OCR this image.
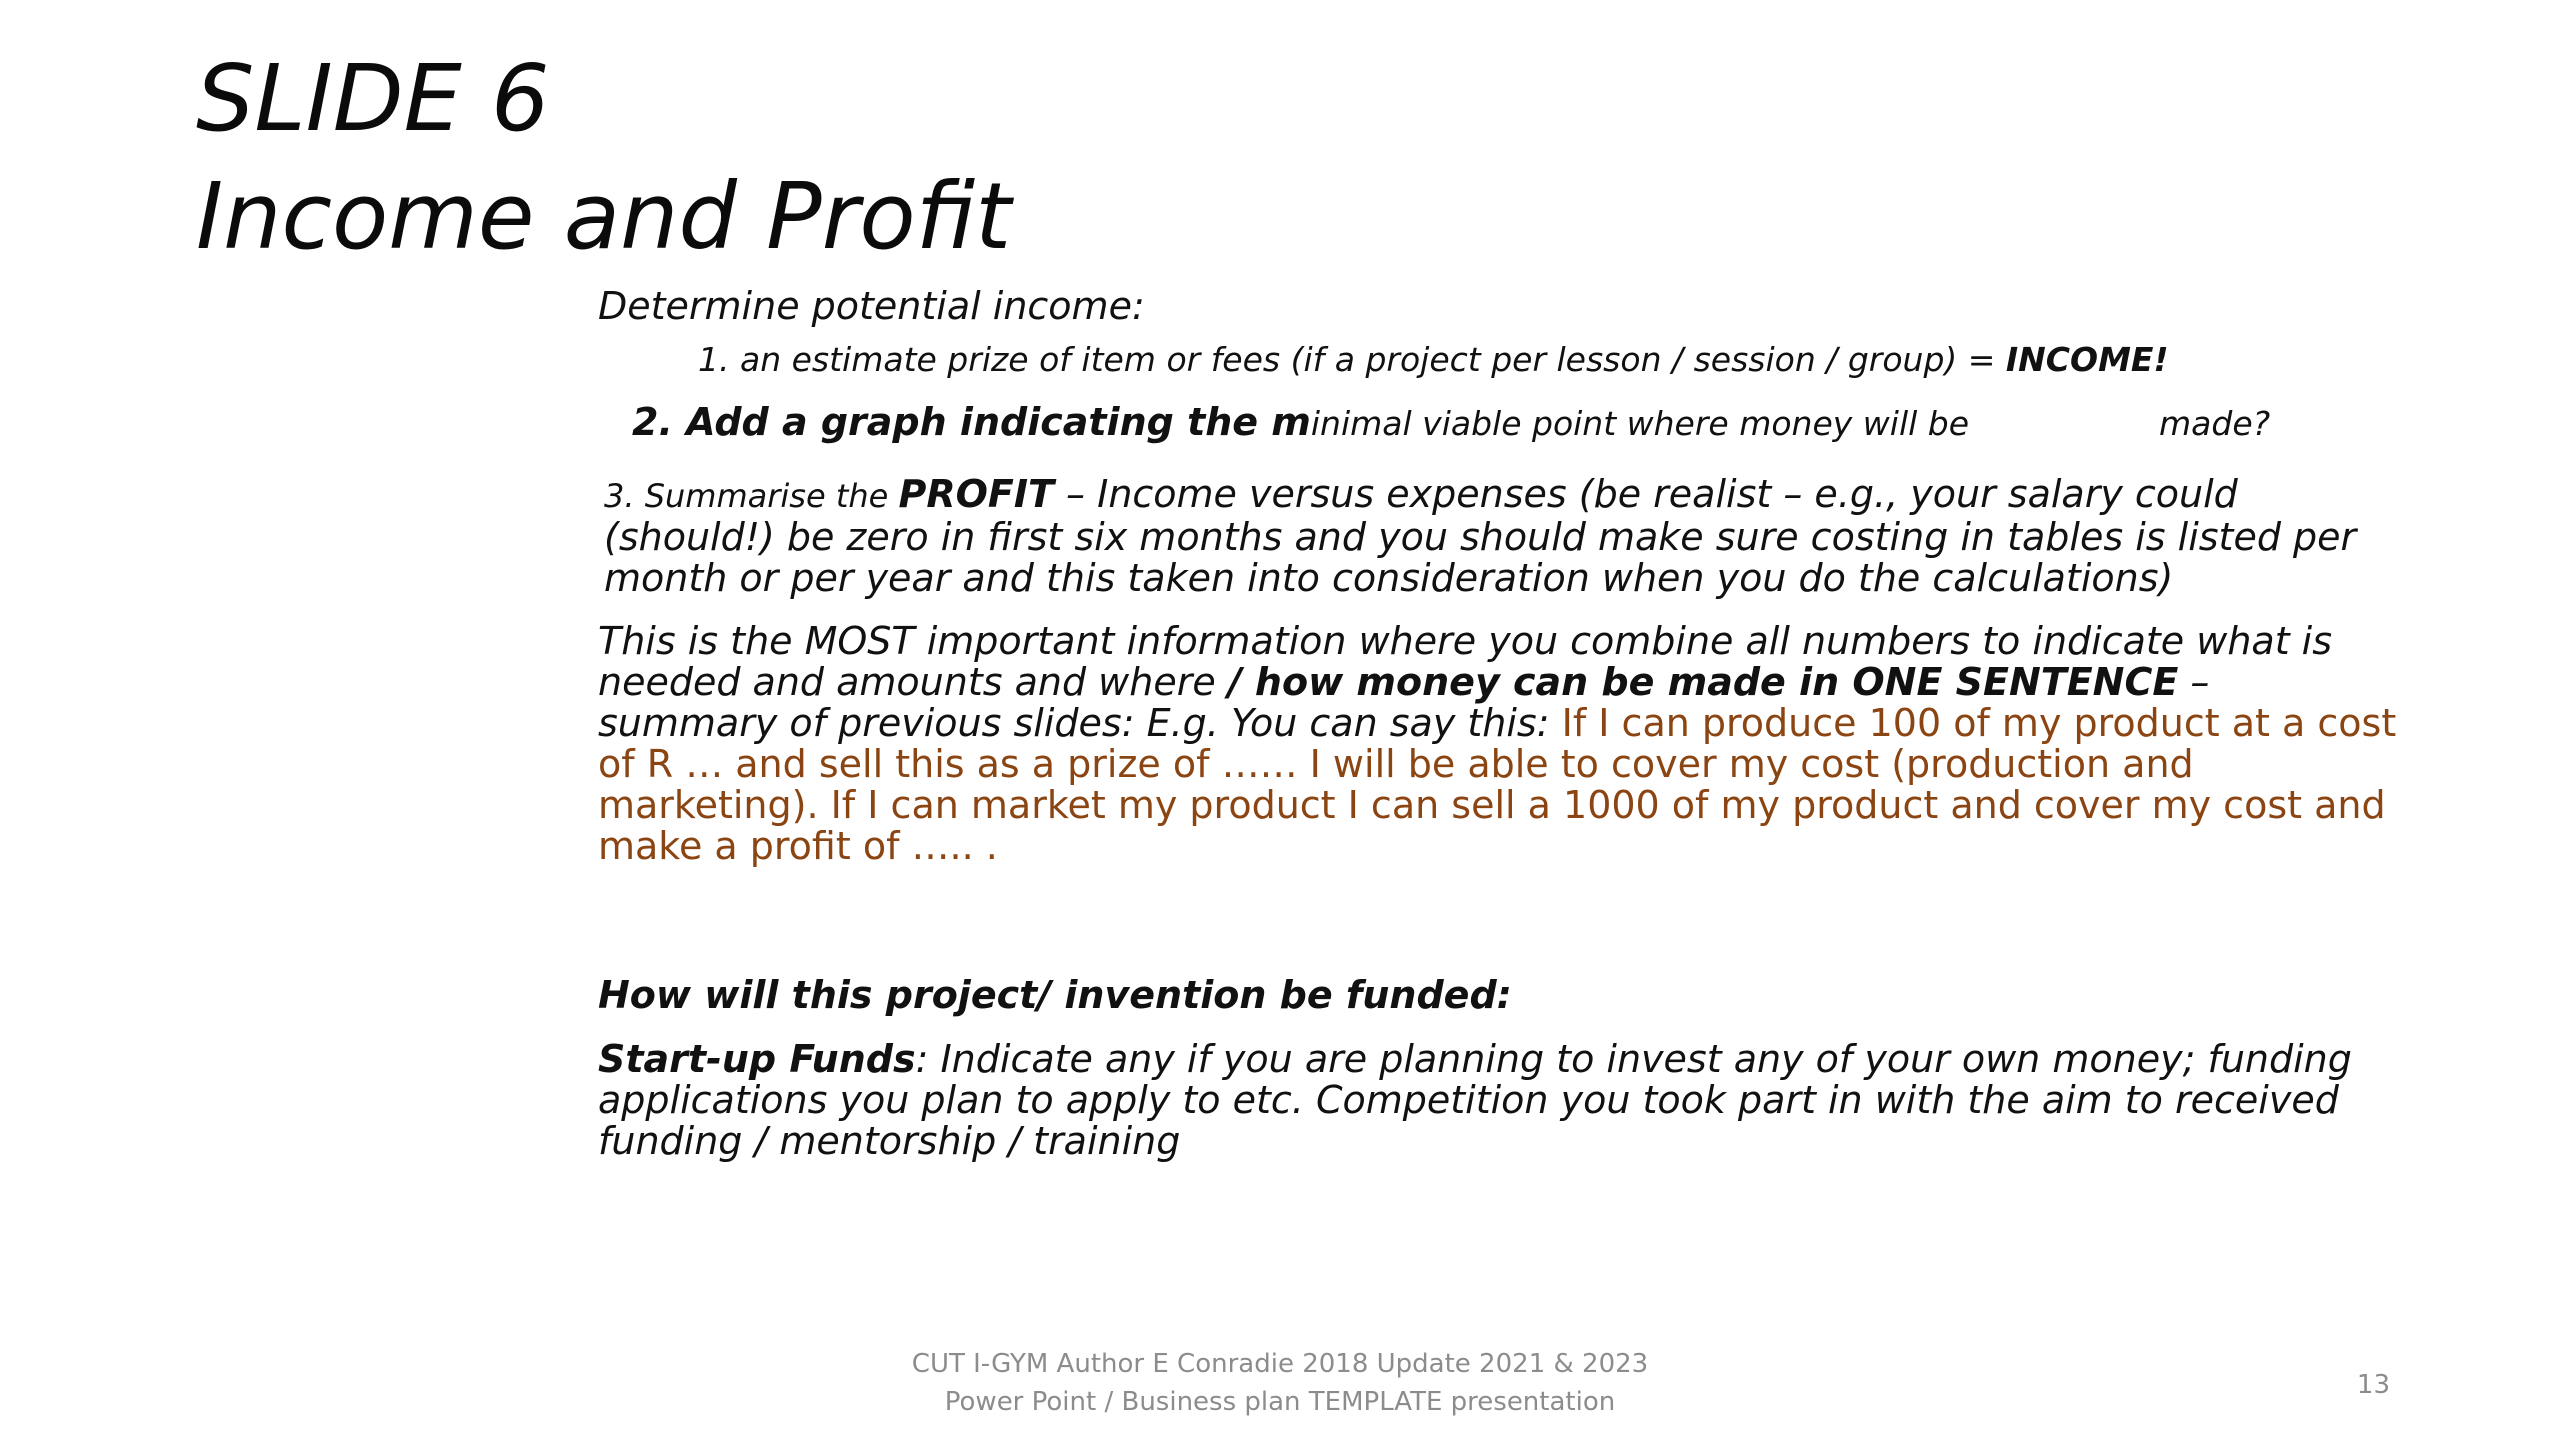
SLIDE 6
Income and Profit

Determine potential income:

1. an estimate prize of item or fees (if a project per lesson / session / group) = INCOME!

2. Add a graph indicating the minimal viable point where money will be	made?

3. Summarise the PROFIT – Income versus expenses (be realist – e.g., your salary could (should!) be zero in first six months and you should make sure costing in tables is listed per month or per year and this taken into consideration when you do the calculations)

This is the MOST important information where you combine all numbers to indicate what is needed and amounts and where / how money can be made in ONE SENTENCE – summary of previous slides: E.g. You can say this: If I can produce 100 of my product at a cost of R … and sell this as a prize of …… I will be able to cover my cost (production and marketing). If I can market my product I can sell a 1000 of my product and cover my cost and make a profit of ….. .

How will this project/ invention be funded:

Start-up Funds: Indicate any if you are planning to invest any of your own money; funding applications you plan to apply to etc. Competition you took part in with the aim to received funding / mentorship / training

CUT I-GYM Author E Conradie 2018 Update 2021 & 2023
Power Point / Business plan TEMPLATE presentation
13
